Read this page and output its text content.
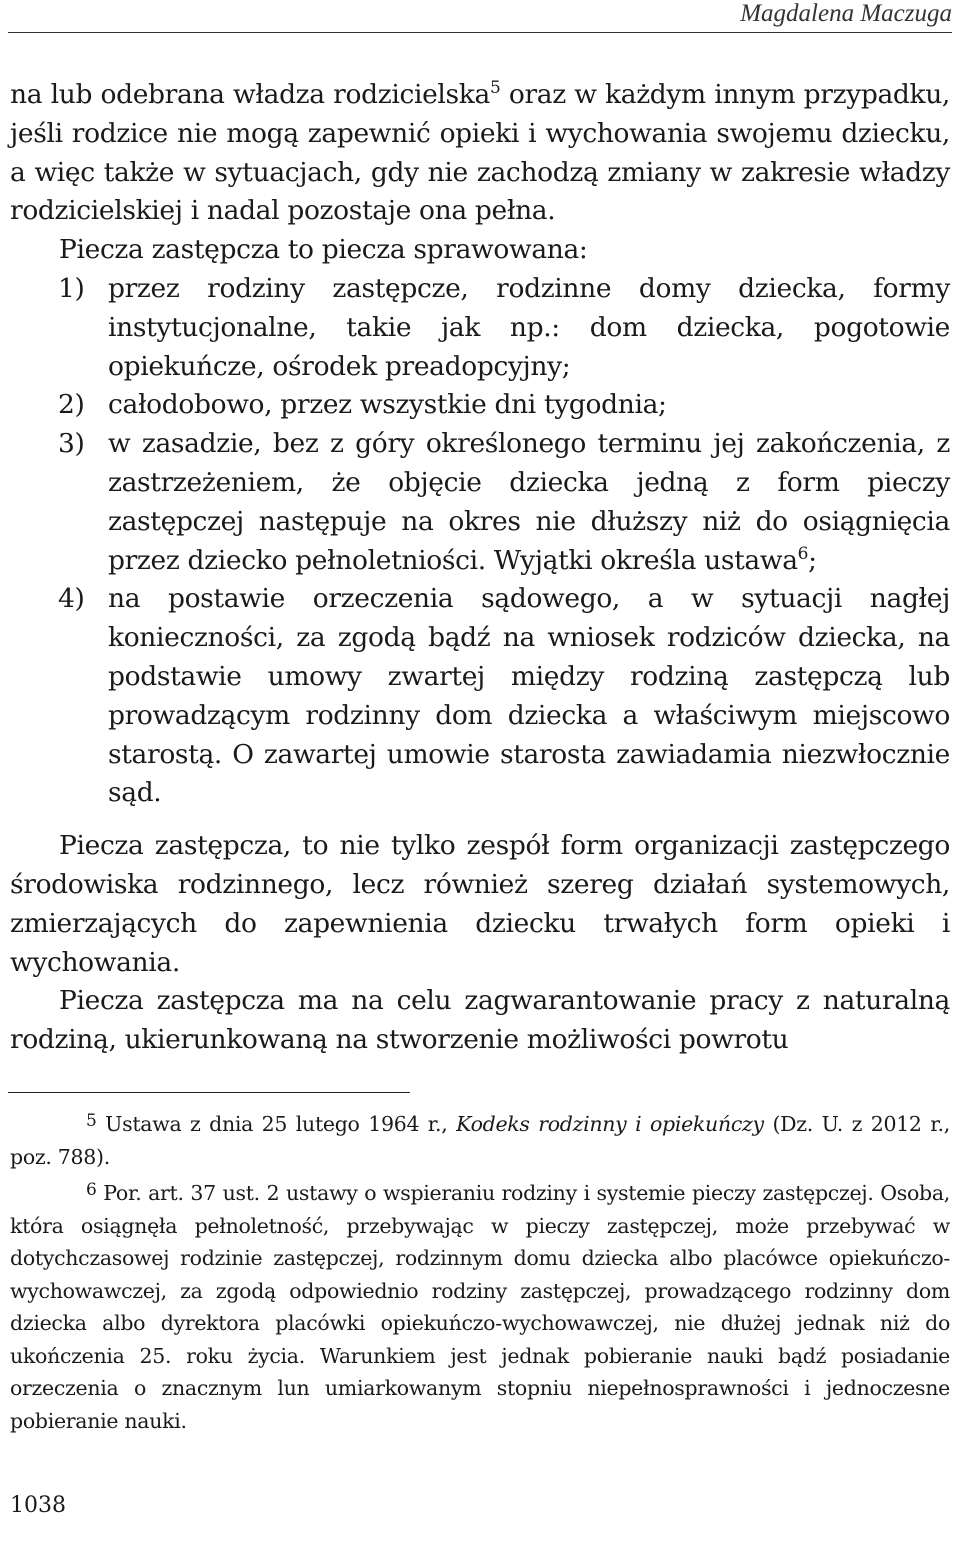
Magdalena Maczuga

na lub odebrana władza rodzicielska$^5$ oraz w każdym innym przypadku, jeśli rodzice nie mogą zapewnić opieki i wychowania swojemu dziecku, a więc także w sytuacjach, gdy nie zachodzą zmiany w zakresie władzy rodzicielskiej i nadal pozostaje ona pełna.

Piecza zastępcza to piecza sprawowana:

1) przez rodziny zastępcze, rodzinne domy dziecka, formy instytucjonalne, takie jak np.: dom dziecka, pogotowie opiekuńcze, ośrodek preadopcyjny;
2) całodobowo, przez wszystkie dni tygodnia;
3) w zasadzie, bez z góry określonego terminu jej zakończenia, z zastrzeżeniem, że objęcie dziecka jedną z form pieczy zastępczej następuje na okres nie dłuższy niż do osiągnięcia przez dziecko pełnoletniości. Wyjątki określa ustawa$^6$;
4) na postawie orzeczenia sądowego, a w sytuacji nagłej konieczności, za zgodą bądź na wniosek rodziców dziecka, na podstawie umowy zwartej między rodziną zastępczą lub prowadzącym rodzinny dom dziecka a właściwym miejscowo starostą. O zawartej umowie starosta zawiadamia niezwłocznie sąd.

Piecza zastępcza, to nie tylko zespół form organizacji zastępczego środowiska rodzinnego, lecz również szereg działań systemowych, zmierzających do zapewnienia dziecku trwałych form opieki i wychowania.

Piecza zastępcza ma na celu zagwarantowanie pracy z naturalną rodziną, ukierunkowaną na stworzenie możliwości powrotu

5 Ustawa z dnia 25 lutego 1964 r., Kodeks rodzinny i opiekuńczy (Dz. U. z 2012 r., poz. 788).

6 Por. art. 37 ust. 2 ustawy o wspieraniu rodziny i systemie pieczy zastępczej. Osoba, która osiągnęła pełnoletność, przebywając w pieczy zastępczej, może przebywać w dotychczasowej rodzinie zastępczej, rodzinnym domu dziecka albo placówce opiekuńczo-wychowawczej, za zgodą odpowiednio rodziny zastępczej, prowadzącego rodzinny dom dziecka albo dyrektora placówki opiekuńczo-wychowawczej, nie dłużej jednak niż do ukończenia 25. roku życia. Warunkiem jest jednak pobieranie nauki bądź posiadanie orzeczenia o znacznym lun umiarkowanym stopniu niepełnosprawności i jednoczesne pobieranie nauki.

1038
